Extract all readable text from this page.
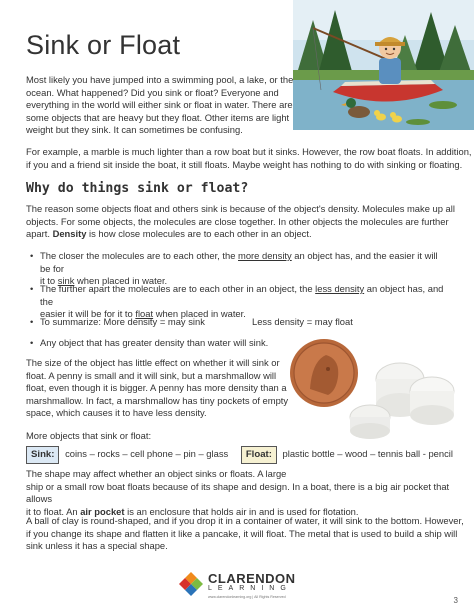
Sink or Float
Most likely you have jumped into a swimming pool, a lake, or the
ocean. What happened? Did you sink or float? Everyone and
everything in the world will either sink or float in water. There are
some objects that are heavy but they float. Other items are light
weight but they sink. It can sometimes be confusing.
For example, a marble is much lighter than a row boat but it sinks. However, the row boat floats. In addition,
if you and a friend sit inside the boat, it still floats. Maybe weight has nothing to do with sinking or floating.
Why do things sink or float?
The reason some objects float and others sink is because of the object's density. Molecules make up all
objects. For some objects, the molecules are close together. In other objects the molecules are further
apart. Density is how close molecules are to each other in an object.
• The closer the molecules are to each other, the more density an object has, and the easier it will be for
it to sink when placed in water.
• The further apart the molecules are to each other in an object, the less density an object has, and the
easier it will be for it to float when placed in water.
• To summarize: More density = may sink	Less density = may float
• Any object that has greater density than water will sink.
The size of the object has little effect on whether it will sink or
float. A penny is small and it will sink, but a marshmallow will
float, even though it is bigger. A penny has more density than a
marshmallow. In fact, a marshmallow has tiny pockets of empty
space, which causes it to have less density.
More objects that sink or float:
Sink: coins – rocks – cell phone – pin – glass Float: plastic bottle – wood – tennis ball - pencil
The shape may affect whether an object sinks or floats. A large
ship or a small row boat floats because of its shape and design. In a boat, there is a big air pocket that allows
it to float. An air pocket is an enclosure that holds air in and is used for flotation.
A ball of clay is round-shaped, and if you drop it in a container of water, it will sink to the bottom. However,
if you change its shape and flatten it like a pancake, it will float. The metal that is used to build a ship will
sink unless it has a special shape.
CLARENDON
LEARNING
www.clarendonlearning.org | All Rights Reserved	3
